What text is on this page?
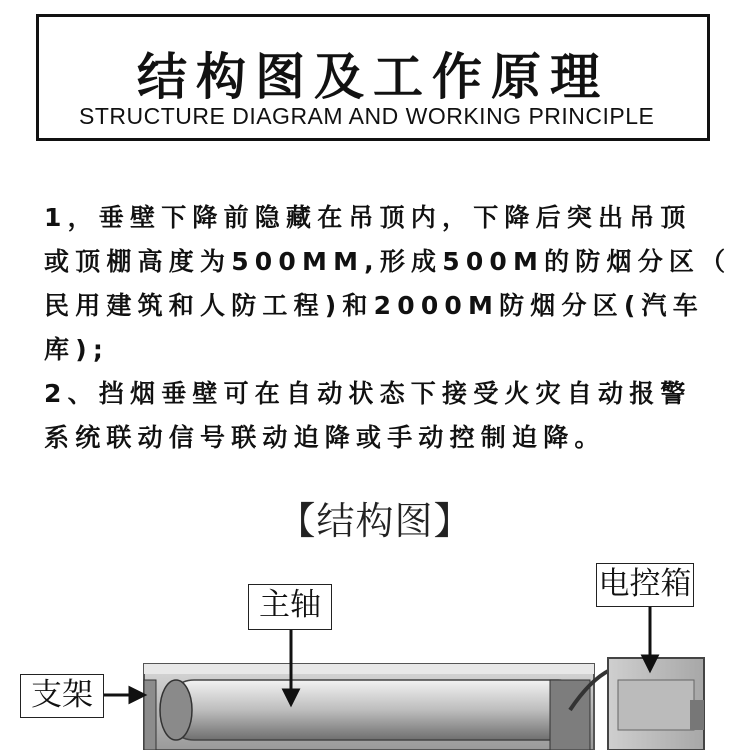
结构图及工作原理
STRUCTURE DIAGRAM AND WORKING PRINCIPLE
1，垂壁下降前隐藏在吊顶内，下降后突出吊顶
或顶棚高度为500MM,形成500M的防烟分区（
民用建筑和人防工程)和2000M防烟分区(汽车
库);
2、挡烟垂壁可在自动状态下接受火灾自动报警
系统联动信号联动迫降或手动控制迫降。
【结构图】
电控箱
主轴
支架
